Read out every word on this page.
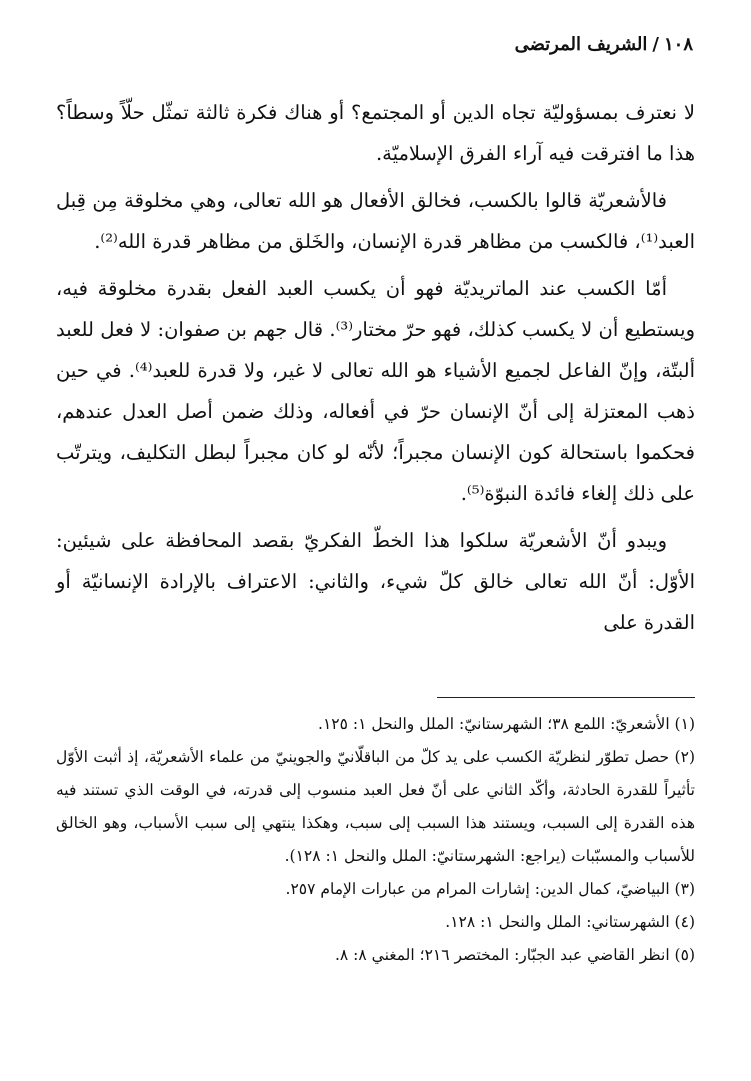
١٠٨/الشريف المرتضى

لا نعترف بمسؤوليّة تجاه الدين أو المجتمع؟ أو هناك فكرة ثالثة تمثّل حلّاً وسطاً؟ هذا ما افترقت فيه آراء الفرق الإسلاميّة.

فالأشعريّة قالوا بالكسب، فخالق الأفعال هو الله تعالى، وهي مخلوقة مِن قِبل العبد⁽¹⁾، فالكسب من مظاهر قدرة الإنسان، والخَلق من مظاهر قدرة الله⁽²⁾.

أمّا الكسب عند الماتريديّة فهو أن يكسب العبد الفعل بقدرة مخلوقة فيه، ويستطيع أن لا يكسب كذلك، فهو حرّ مختار⁽³⁾. قال جهم بن صفوان: لا فعل للعبد ألبتّة، وإنّ الفاعل لجميع الأشياء هو الله تعالى لا غير، ولا قدرة للعبد⁽⁴⁾. في حين ذهب المعتزلة إلى أنّ الإنسان حرّ في أفعاله، وذلك ضمن أصل العدل عندهم، فحكموا باستحالة كون الإنسان مجبراً؛ لأنّه لو كان مجبراً لبطل التكليف، ويترتّب على ذلك إلغاء فائدة النبوّة⁽⁵⁾.

ويبدو أنّ الأشعريّة سلكوا هذا الخطّ الفكريّ بقصد المحافظة على شيئين: الأوّل: أنّ الله تعالى خالق كلّ شيء، والثاني: الاعتراف بالإرادة الإنسانيّة أو القدرة على

(١) الأشعريّ: اللمع ٣٨؛ الشهرستانيّ: الملل والنحل ١: ١٢٥.

(٢) حصل تطوّر لنظريّة الكسب على يد كلّ من الباقلّانيّ والجوينيّ من علماء الأشعريّة، إذ أثبت الأوّل تأثيراً للقدرة الحادثة، وأكّد الثاني على أنّ فعل العبد منسوب إلى قدرته، في الوقت الذي تستند فيه هذه القدرة إلى السبب، ويستند هذا السبب إلى سبب، وهكذا ينتهي إلى سبب الأسباب، وهو الخالق للأسباب والمسبّبات (يراجع: الشهرستانيّ: الملل والنحل ١: ١٢٨).

(٣) البياضيّ، كمال الدين: إشارات المرام من عبارات الإمام ٢٥٧.

(٤) الشهرستاني: الملل والنحل ١: ١٢٨.

(٥) انظر القاضي عبد الجبّار: المختصر ٢١٦؛ المغني ٨: ٨.
